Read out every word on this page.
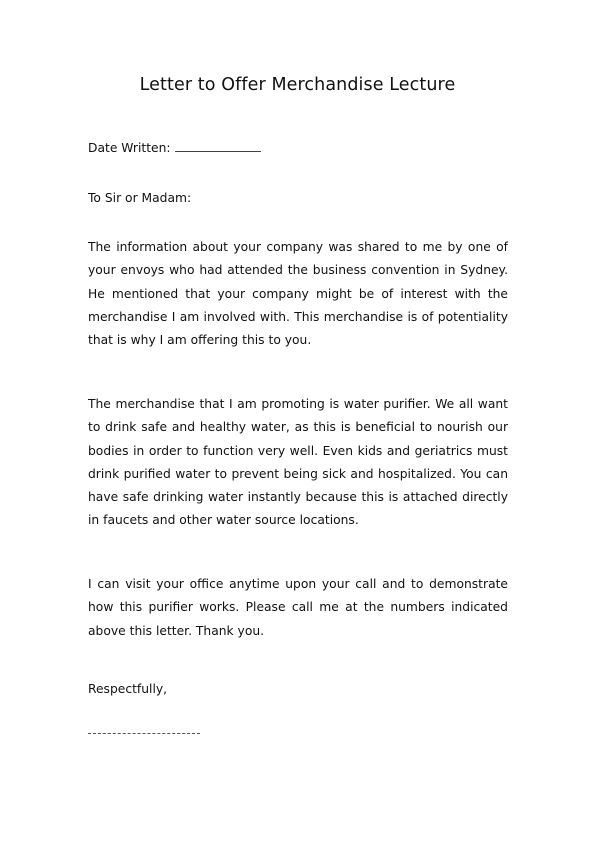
Letter to Offer Merchandise Lecture
Date Written:

To Sir or Madam:

The information about your company was shared to me by one of your envoys who had attended the business convention in Sydney. He mentioned that your company might be of interest with the merchandise I am involved with. This merchandise is of potentiality that is why I am offering this to you.

The merchandise that I am promoting is water purifier. We all want to drink safe and healthy water, as this is beneficial to nourish our bodies in order to function very well. Even kids and geriatrics must drink purified water to prevent being sick and hospitalized. You can have safe drinking water instantly because this is attached directly in faucets and other water source locations.

I can visit your office anytime upon your call and to demonstrate how this purifier works. Please call me at the numbers indicated above this letter. Thank you.

Respectfully,
